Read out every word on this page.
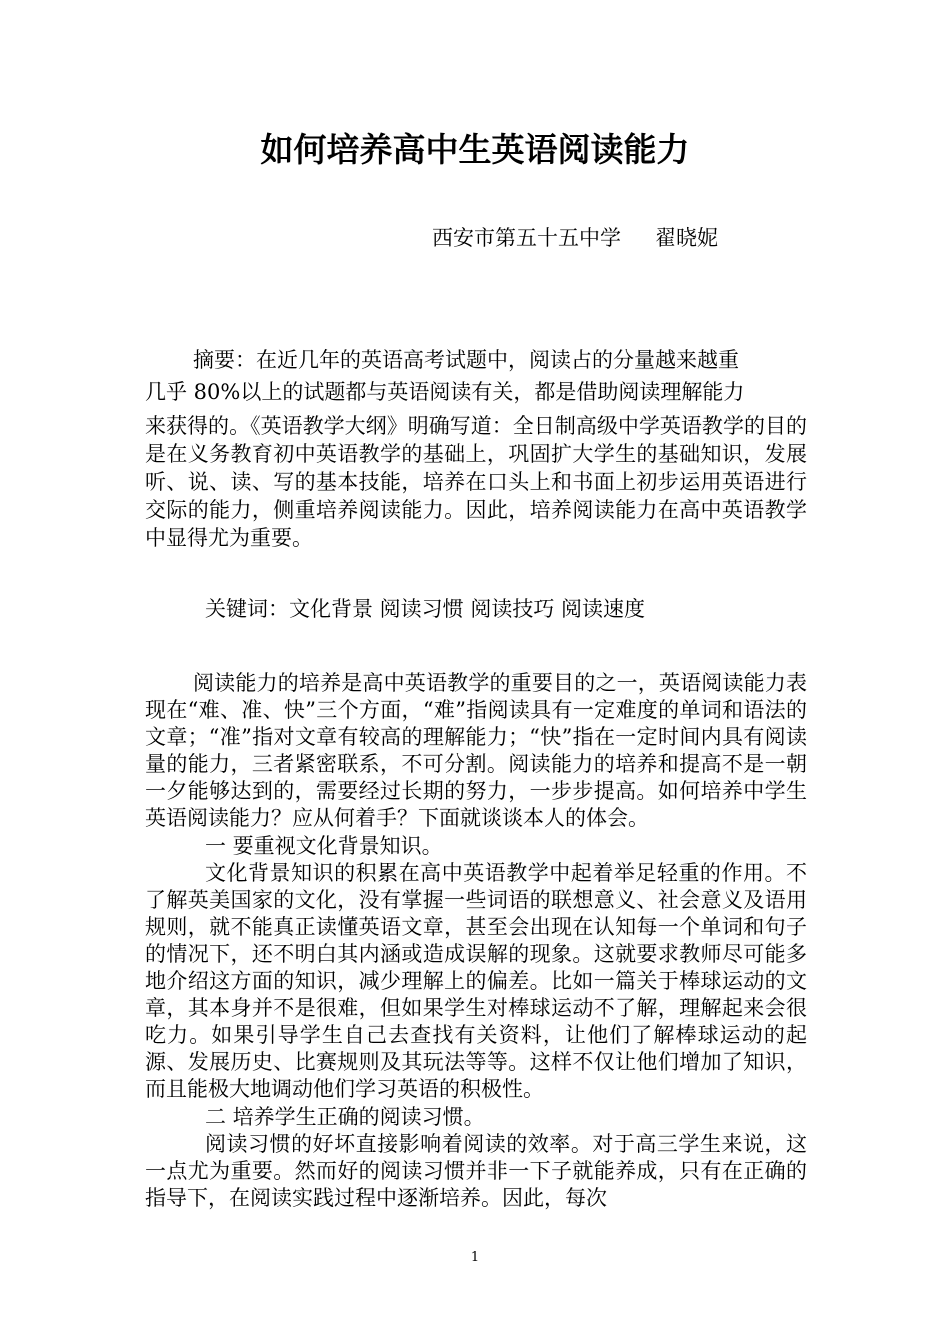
如何培养高中生英语阅读能力
西安市第五十五中学 翟晓妮
摘要：在近几年的英语高考试题中，阅读占的分量越来越重
几乎 80%以上的试题都与英语阅读有关，都是借助阅读理解能力
来获得的。《英语教学大纲》明确写道：全日制高级中学英语教学的目的是在义务教育初中英语教学的基础上，巩固扩大学生的基础知识，发展听、说、读、写的基本技能，培养在口头上和书面上初步运用英语进行交际的能力，侧重培养阅读能力。因此，培养阅读能力在高中英语教学中显得尤为重要。
关键词：文化背景 阅读习惯 阅读技巧 阅读速度

阅读能力的培养是高中英语教学的重要目的之一，英语阅读能力表现在“难、准、快”三个方面，“难”指阅读具有一定难度的单词和语法的文章；“准”指对文章有较高的理解能力；“快”指在一定时间内具有阅读量的能力，三者紧密联系，不可分割。阅读能力的培养和提高不是一朝一夕能够达到的，需要经过长期的努力，一步步提高。如何培养中学生英语阅读能力？应从何着手？下面就谈谈本人的体会。

一 要重视文化背景知识。

文化背景知识的积累在高中英语教学中起着举足轻重的作用。不了解英美国家的文化，没有掌握一些词语的联想意义、社会意义及语用规则，就不能真正读懂英语文章，甚至会出现在认知每一个单词和句子的情况下，还不明白其内涵或造成误解的现象。这就要求教师尽可能多地介绍这方面的知识，减少理解上的偏差。比如一篇关于棒球运动的文章，其本身并不是很难，但如果学生对棒球运动不了解，理解起来会很吃力。如果引导学生自己去查找有关资料，让他们了解棒球运动的起源、发展历史、比赛规则及其玩法等等。这样不仅让他们增加了知识，而且能极大地调动他们学习英语的积极性。

二 培养学生正确的阅读习惯。

阅读习惯的好坏直接影响着阅读的效率。对于高三学生来说，这一点尤为重要。然而好的阅读习惯并非一下子就能养成，只有在正确的指导下，在阅读实践过程中逐渐培养。因此，每次

1
